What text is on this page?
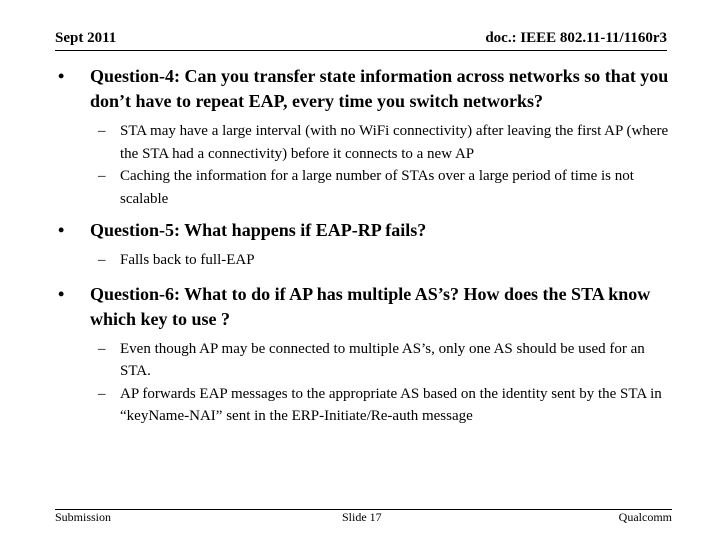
Sept 2011	doc.: IEEE 802.11-11/1160r3
• Question-4: Can you transfer state information across networks so that you don’t have to repeat EAP, every time you switch networks?
– STA may have a large interval (with no WiFi connectivity) after leaving the first AP (where the STA had a connectivity) before it connects to a new AP
– Caching the information for a large number of STAs over a large period of time is not scalable
• Question-5: What happens if EAP-RP fails?
– Falls back to full-EAP
• Question-6: What to do if AP has multiple AS’s? How does the STA know which key to use ?
– Even though AP may be connected to multiple AS’s, only one AS should be used for an STA.
– AP forwards EAP messages to the appropriate AS based on the identity sent by the STA in “keyName-NAI” sent in the ERP-Initiate/Re-auth message
Submission	Slide 17	Qualcomm
